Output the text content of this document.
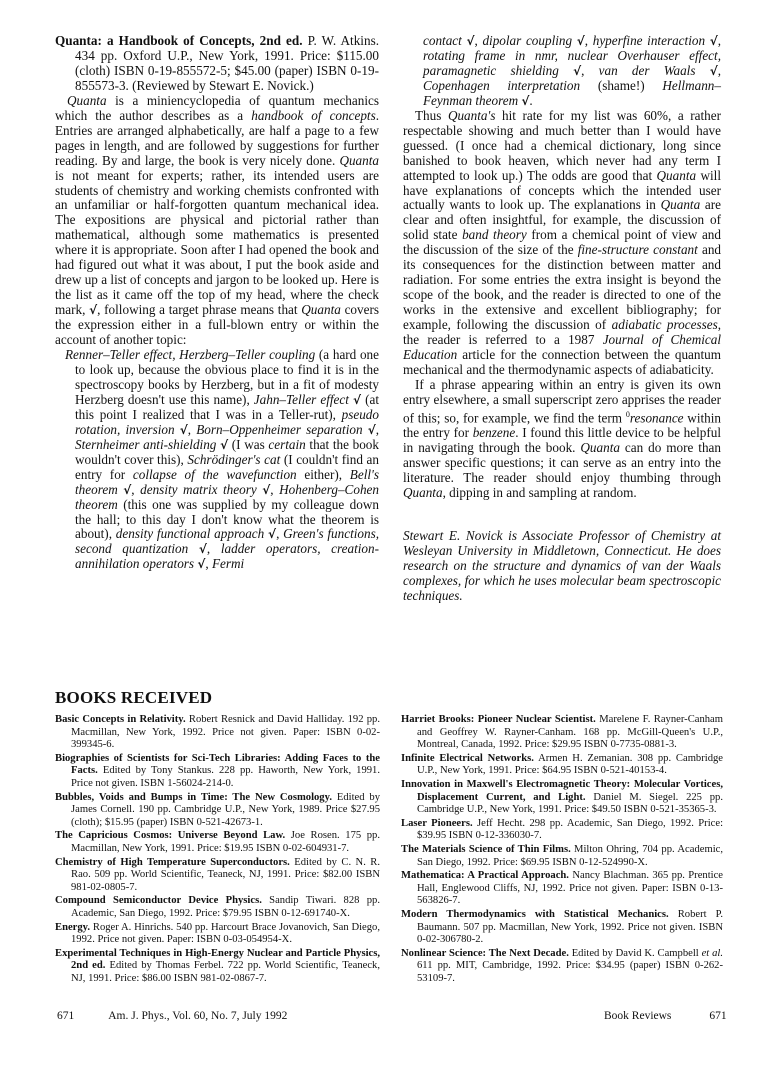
Quanta: a Handbook of Concepts, 2nd ed. P. W. Atkins. 434 pp. Oxford U.P., New York, 1991. Price: $115.00 (cloth) ISBN 0-19-855572-5; $45.00 (paper) ISBN 0-19-855573-3. (Reviewed by Stewart E. Novick.)

Quanta is a miniencyclopedia of quantum mechanics which the author describes as a handbook of concepts. Entries are arranged alphabetically, are half a page to a few pages in length, and are followed by suggestions for further reading. By and large, the book is very nicely done. Quanta is not meant for experts; rather, its intended users are students of chemistry and working chemists confronted with an unfamiliar or half-forgotten quantum mechanical idea. The expositions are physical and pictorial rather than mathematical, although some mathematics is presented where it is appropriate. Soon after I had opened the book and had figured out what it was about, I put the book aside and drew up a list of concepts and jargon to be looked up. Here is the list as it came off the top of my head, where the check mark, √, following a target phrase means that Quanta covers the expression either in a full-blown entry or within the account of another topic:

Renner–Teller effect, Herzberg–Teller coupling (a hard one to look up, because the obvious place to find it is in the spectroscopy books by Herzberg, but in a fit of modesty Herzberg doesn't use this name), Jahn–Teller effect √ (at this point I realized that I was in a Teller-rut), pseudo rotation, inversion √, Born–Oppenheimer separation √, Sternheimer anti-shielding √ (I was certain that the book wouldn't cover this), Schrödinger's cat (I couldn't find an entry for collapse of the wavefunction either), Bell's theorem √, density matrix theory √, Hohenberg–Cohen theorem (this one was supplied by my colleague down the hall; to this day I don't know what the theorem is about), density functional approach √, Green's functions, second quantization √, ladder operators, creation-annihilation operators √, Fermi

contact √, dipolar coupling √, hyperfine interaction √, rotating frame in nmr, nuclear Overhauser effect, paramagnetic shielding √, van der Waals √, Copenhagen interpretation (shame!) Hellmann–Feynman theorem √.

Thus Quanta's hit rate for my list was 60%, a rather respectable showing and much better than I would have guessed. (I once had a chemical dictionary, long since banished to book heaven, which never had any term I attempted to look up.) The odds are good that Quanta will have explanations of concepts which the intended user actually wants to look up. The explanations in Quanta are clear and often insightful, for example, the discussion of solid state band theory from a chemical point of view and the discussion of the size of the fine-structure constant and its consequences for the distinction between matter and radiation. For some entries the extra insight is beyond the scope of the book, and the reader is directed to one of the works in the extensive and excellent bibliography; for example, following the discussion of adiabatic processes, the reader is referred to a 1987 Journal of Chemical Education article for the connection between the quantum mechanical and the thermodynamic aspects of adiabaticity.

If a phrase appearing within an entry is given its own entry elsewhere, a small superscript zero apprises the reader of this; so, for example, we find the term $^0$resonance within the entry for benzene. I found this little device to be helpful in navigating through the book. Quanta can do more than answer specific questions; it can serve as an entry into the literature. The reader should enjoy thumbing through Quanta, dipping in and sampling at random.

Stewart E. Novick is Associate Professor of Chemistry at Wesleyan University in Middletown, Connecticut. He does research on the structure and dynamics of van der Waals complexes, for which he uses molecular beam spectroscopic techniques.

BOOKS RECEIVED

Basic Concepts in Relativity. Robert Resnick and David Halliday. 192 pp. Macmillan, New York, 1992. Price not given. Paper: ISBN 0-02-399345-6.

Biographies of Scientists for Sci-Tech Libraries: Adding Faces to the Facts. Edited by Tony Stankus. 228 pp. Haworth, New York, 1991. Price not given. ISBN 1-56024-214-0.

Bubbles, Voids and Bumps in Time: The New Cosmology. Edited by James Cornell. 190 pp. Cambridge U.P., New York, 1989. Price $27.95 (cloth); $15.95 (paper) ISBN 0-521-42673-1.

The Capricious Cosmos: Universe Beyond Law. Joe Rosen. 175 pp. Macmillan, New York, 1991. Price: $19.95 ISBN 0-02-604931-7.

Chemistry of High Temperature Superconductors. Edited by C. N. R. Rao. 509 pp. World Scientific, Teaneck, NJ, 1991. Price: $82.00 ISBN 981-02-0805-7.

Compound Semiconductor Device Physics. Sandip Tiwari. 828 pp. Academic, San Diego, 1992. Price: $79.95 ISBN 0-12-691740-X.

Energy. Roger A. Hinrichs. 540 pp. Harcourt Brace Jovanovich, San Diego, 1992. Price not given. Paper: ISBN 0-03-054954-X.

Experimental Techniques in High-Energy Nuclear and Particle Physics, 2nd ed. Edited by Thomas Ferbel. 722 pp. World Scientific, Teaneck, NJ, 1991. Price: $86.00 ISBN 981-02-0867-7.

Harriet Brooks: Pioneer Nuclear Scientist. Marelene F. Rayner-Canham and Geoffrey W. Rayner-Canham. 168 pp. McGill-Queen's U.P., Montreal, Canada, 1992. Price: $29.95 ISBN 0-7735-0881-3.

Infinite Electrical Networks. Armen H. Zemanian. 308 pp. Cambridge U.P., New York, 1991. Price: $64.95 ISBN 0-521-40153-4.

Innovation in Maxwell's Electromagnetic Theory: Molecular Vortices, Displacement Current, and Light. Daniel M. Siegel. 225 pp. Cambridge U.P., New York, 1991. Price: $49.50 ISBN 0-521-35365-3.

Laser Pioneers. Jeff Hecht. 298 pp. Academic, San Diego, 1992. Price: $39.95 ISBN 0-12-336030-7.

The Materials Science of Thin Films. Milton Ohring, 704 pp. Academic, San Diego, 1992. Price: $69.95 ISBN 0-12-524990-X.

Mathematica: A Practical Approach. Nancy Blachman. 365 pp. Prentice Hall, Englewood Cliffs, NJ, 1992. Price not given. Paper: ISBN 0-13-563826-7.

Modern Thermodynamics with Statistical Mechanics. Robert P. Baumann. 507 pp. Macmillan, New York, 1992. Price not given. ISBN 0-02-306780-2.

Nonlinear Science: The Next Decade. Edited by David K. Campbell et al. 611 pp. MIT, Cambridge, 1992. Price: $34.95 (paper) ISBN 0-262-53109-7.

671	Am. J. Phys., Vol. 60, No. 7, July 1992	Book Reviews	671
